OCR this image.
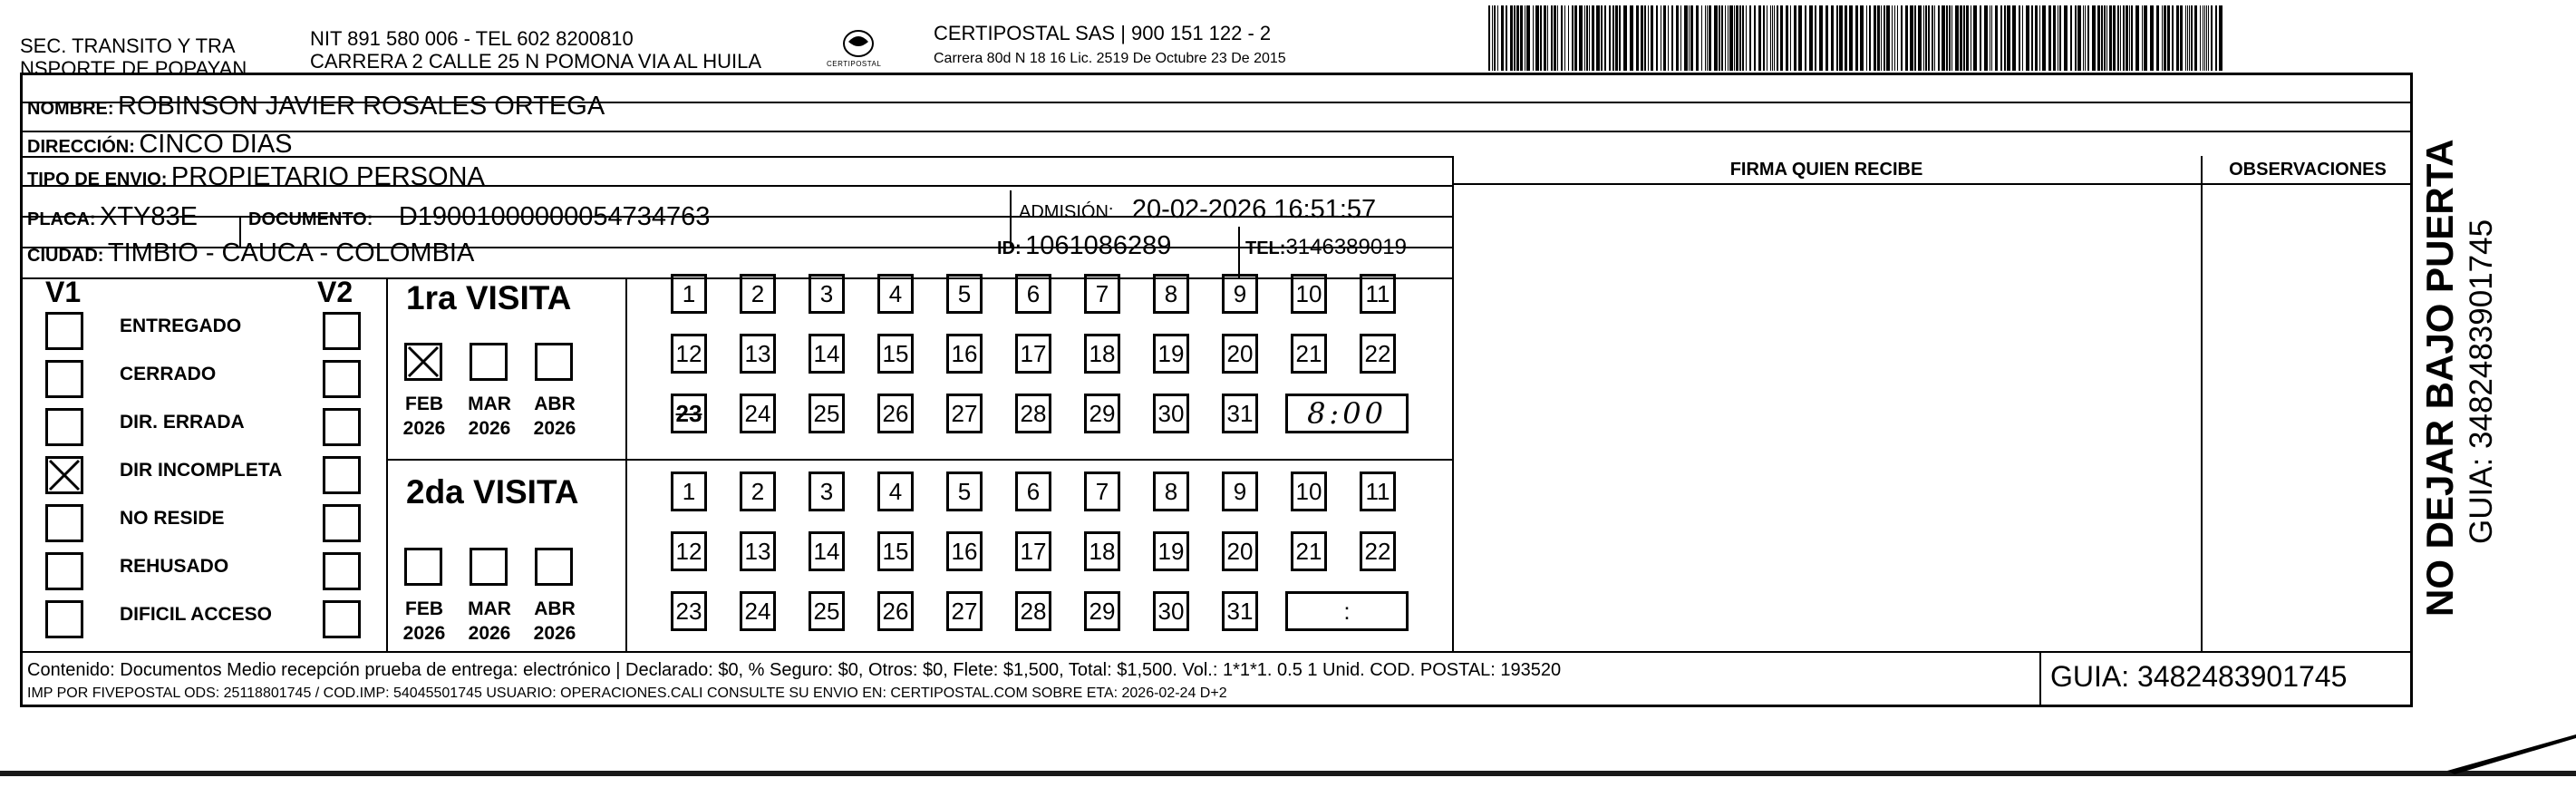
SEC. TRANSITO Y TRA
NSPORTE DE POPAYAN
NIT 891 580 006 - TEL 602 8200810
CARRERA 2 CALLE 25 N POMONA VIA AL HUILA	CERTIPOSTAL
CERTIPOSTAL SAS | 900 151 122 - 2
Carrera 80d N 18 16 Lic. 2519 De Octubre 23 De 2015
NOMBRE: ROBINSON JAVIER ROSALES ORTEGA
DIRECCIÓN: CINCO DIAS
TIPO DE ENVIO: PROPIETARIO PERSONA
PLACA: XTY83E	DOCUMENTO: D19001000000054734763	ADMISIÓN: 20-02-2026 16:51:57
CIUDAD: TIMBIO - CAUCA - COLOMBIA	ID: 1061086289	TEL:3146389019
FIRMA QUIEN RECIBE	OBSERVACIONES
V1	V2
ENTREGADO
CERRADO
DIR. ERRADA
DIR INCOMPLETA
NO RESIDE
REHUSADO
DIFICIL ACCESO
1ra VISITA
2da VISITA
FEB
2026
MAR
2026
ABR
2026
FEB
2026
MAR
2026
ABR
2026
1	2	3	4	5	6	7	8	9	10 11
12 13 14 15 16 17 18 19 20 21 22
23 24 25 26 27 28 29 30 31	8:00
1	2	3	4	5	6	7	8	9	10 11
12 13 14 15 16 17 18 19 20 21 22
23 24 25 26 27 28 29 30 31	:
Contenido: Documentos Medio recepción prueba de entrega: electrónico | Declarado: $0, % Seguro: $0, Otros: $0, Flete: $1,500, Total: $1,500. Vol.: 1*1*1. 0.5 1 Unid. COD. POSTAL: 193520
IMP POR FIVEPOSTAL ODS: 25118801745 / COD.IMP: 54045501745 USUARIO: OPERACIONES.CALI CONSULTE SU ENVIO EN: CERTIPOSTAL.COM SOBRE ETA: 2026-02-24 D+2
GUIA: 3482483901745
NO DEJAR BAJO PUERTA GUIA: 3482483901745
